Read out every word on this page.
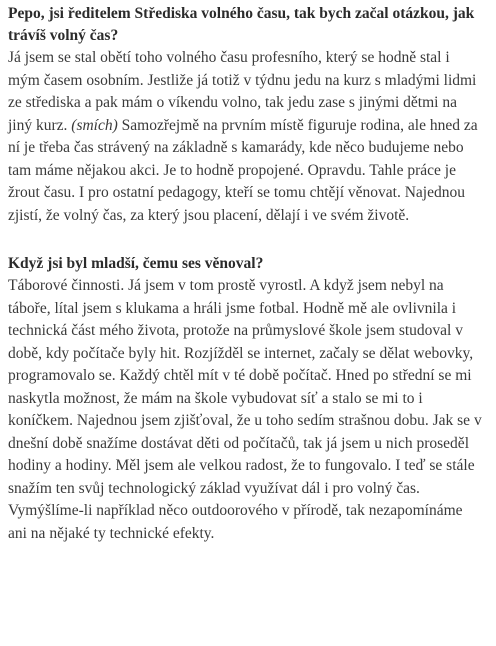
Pepo, jsi ředitelem Střediska volného času, tak bych začal otázkou, jak trávíš volný čas?

Já jsem se stal obětí toho volného času profesního, který se hodně stal i mým časem osobním. Jestliže já totiž v týdnu jedu na kurz s mladými lidmi ze střediska a pak mám o víkendu volno, tak jedu zase s jinými dětmi na jiný kurz. (smích) Samozřejmě na prvním místě figuruje rodina, ale hned za ní je třeba čas strávený na základně s kamarády, kde něco budujeme nebo tam máme nějakou akci. Je to hodně propojené. Opravdu. Tahle práce je žrout času. I pro ostatní pedagogy, kteří se tomu chtějí věnovat. Najednou zjistí, že volný čas, za který jsou placení, dělají i ve svém životě.

Když jsi byl mladší, čemu ses věnoval?

Táborové činnosti. Já jsem v tom prostě vyrostl. A když jsem nebyl na táboře, lítal jsem s klukama a hráli jsme fotbal. Hodně mě ale ovlivnila i technická část mého života, protože na průmyslové škole jsem studoval v době, kdy počítače byly hit. Rozjížděl se internet, začaly se dělat webovky, programovalo se. Každý chtěl mít v té době počítač. Hned po střední se mi naskytla možnost, že mám na škole vybudovat síť a stalo se mi to i koníčkem. Najednou jsem zjišťoval, že u toho sedím strašnou dobu. Jak se v dnešní době snažíme dostávat děti od počítačů, tak já jsem u nich proseděl hodiny a hodiny. Měl jsem ale velkou radost, že to fungovalo. I teď se stále snažím ten svůj technologický základ využívat dál i pro volný čas. Vymýšlíme-li například něco outdoorového v přírodě, tak nezapomínáme ani na nějaké ty technické efekty.
